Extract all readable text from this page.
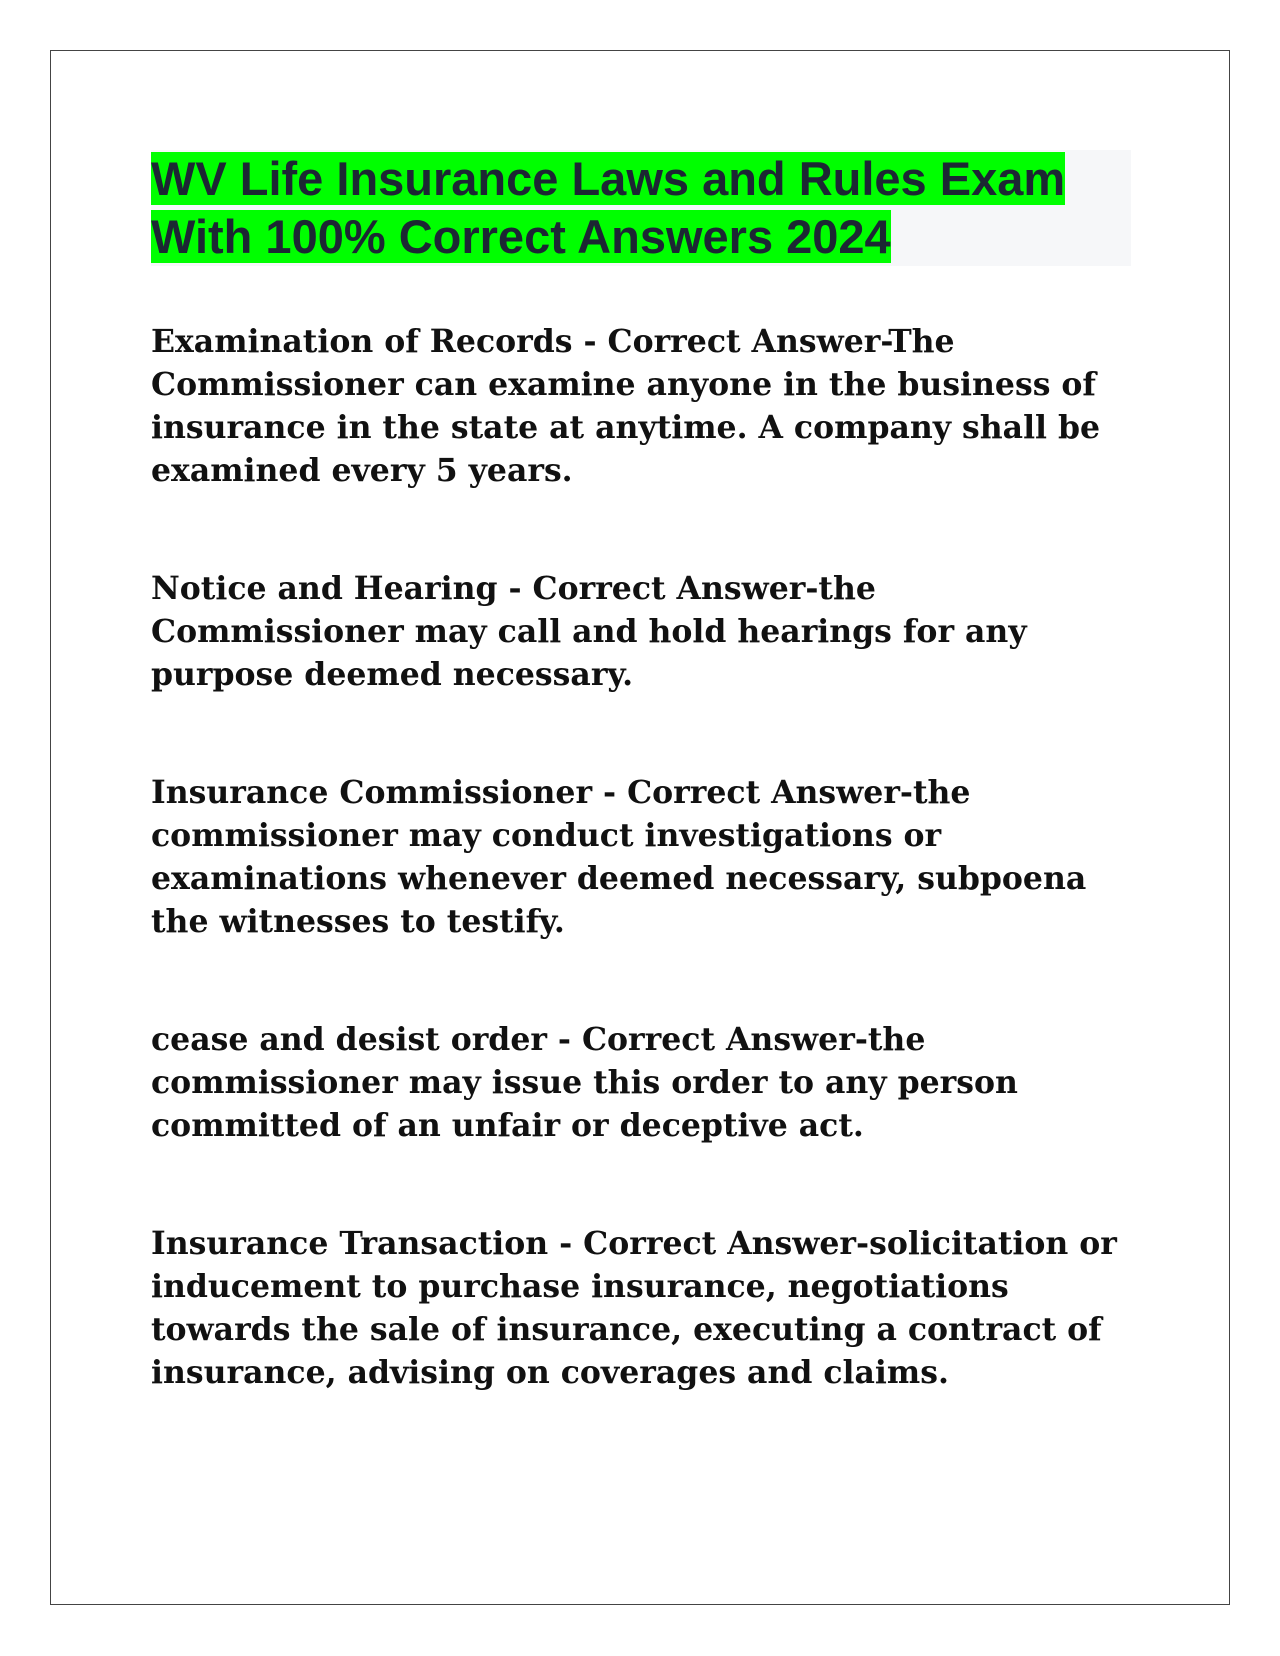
WV Life Insurance Laws and Rules Exam
With 100% Correct Answers 2024

Examination of Records - Correct Answer-The Commissioner can examine anyone in the business of insurance in the state at anytime. A company shall be examined every 5 years.

Notice and Hearing - Correct Answer-the Commissioner may call and hold hearings for any purpose deemed necessary.

Insurance Commissioner - Correct Answer-the commissioner may conduct investigations or examinations whenever deemed necessary, subpoena the witnesses to testify.

cease and desist order - Correct Answer-the commissioner may issue this order to any person committed of an unfair or deceptive act.

Insurance Transaction - Correct Answer-solicitation or inducement to purchase insurance, negotiations towards the sale of insurance, executing a contract of insurance, advising on coverages and claims.
